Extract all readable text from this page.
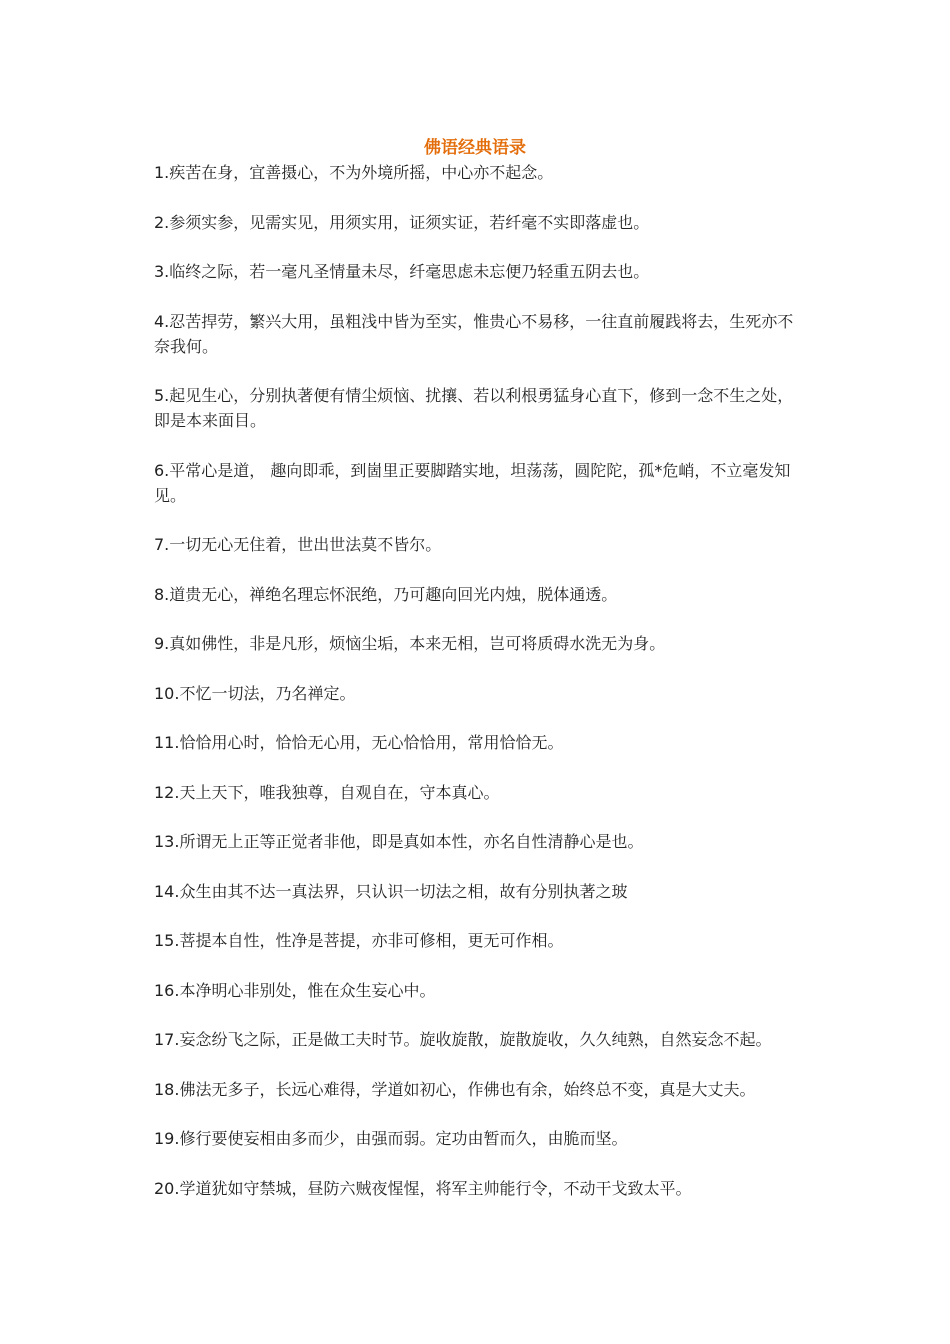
佛语经典语录
1.疾苦在身，宜善摄心，不为外境所摇，中心亦不起念。
2.参须实参，见需实见，用须实用，证须实证，若纤毫不实即落虚也。
3.临终之际，若一毫凡圣情量未尽，纤毫思虑未忘便乃轻重五阴去也。
4.忍苦捍劳，繁兴大用，虽粗浅中皆为至实，惟贵心不易移，一往直前履践将去，生死亦不奈我何。
5.起见生心，分别执著便有情尘烦恼、扰攘、若以利根勇猛身心直下，修到一念不生之处，即是本来面目。
6.平常心是道， 趣向即乖，到崮里正要脚踏实地，坦荡荡，圆陀陀，孤*危峭，不立毫发知见。
7.一切无心无住着，世出世法莫不皆尔。
8.道贵无心，禅绝名理忘怀泯绝，乃可趣向回光内烛，脱体通透。
9.真如佛性，非是凡形，烦恼尘垢，本来无相，岂可将质碍水洗无为身。
10.不忆一切法，乃名禅定。
11.恰恰用心时，恰恰无心用，无心恰恰用，常用恰恰无。
12.天上天下，唯我独尊，自观自在，守本真心。
13.所谓无上正等正觉者非他，即是真如本性，亦名自性清静心是也。
14.众生由其不达一真法界，只认识一切法之相，故有分别执著之玻
15.菩提本自性，性净是菩提，亦非可修相，更无可作相。
16.本净明心非别处，惟在众生妄心中。
17.妄念纷飞之际，正是做工夫时节。旋收旋散，旋散旋收，久久纯熟，自然妄念不起。
18.佛法无多子，长远心难得，学道如初心，作佛也有余，始终总不变，真是大丈夫。
19.修行要使妄相由多而少，由强而弱。定功由暂而久，由脆而坚。
20.学道犹如守禁城，昼防六贼夜惺惺，将军主帅能行令，不动干戈致太平。
